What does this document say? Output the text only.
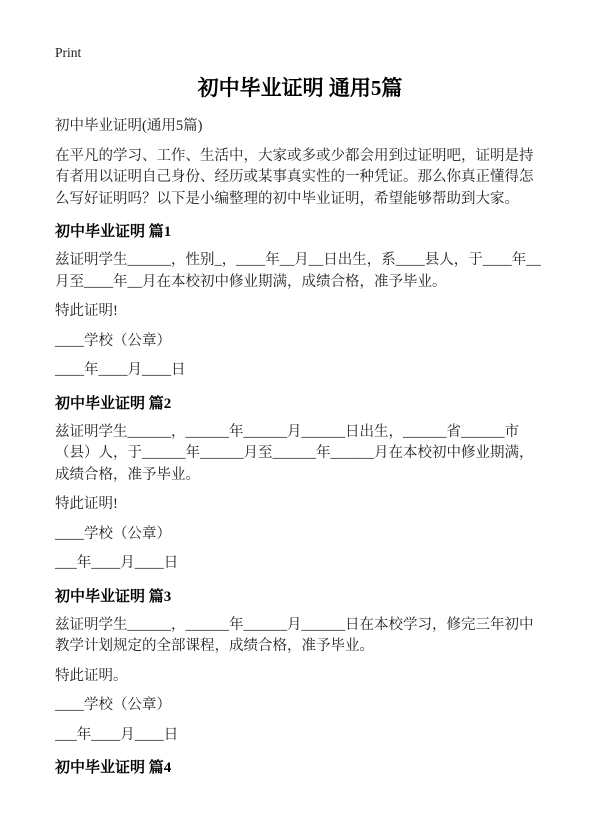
Print
初中毕业证明 通用5篇

初中毕业证明(通用5篇)

在平凡的学习、工作、生活中，大家或多或少都会用到过证明吧，证明是持有者用以证明自己身份、经历或某事真实性的一种凭证。那么你真正懂得怎么写好证明吗？以下是小编整理的初中毕业证明，希望能够帮助到大家。

初中毕业证明 篇1

兹证明学生______，性别_，____年__月__日出生，系____县人，于____年__月至____年__月在本校初中修业期满，成绩合格，准予毕业。

特此证明!

____学校（公章）

____年____月____日

初中毕业证明 篇2

兹证明学生______，______年______月______日出生，______省______市（县）人，于______年______月至______年______月在本校初中修业期满，成绩合格，准予毕业。

特此证明!

____学校（公章）

___年____月____日

初中毕业证明 篇3

兹证明学生______，______年______月______日在本校学习，修完三年初中教学计划规定的全部课程，成绩合格，准予毕业。

特此证明。

____学校（公章）

___年____月____日

初中毕业证明 篇4
